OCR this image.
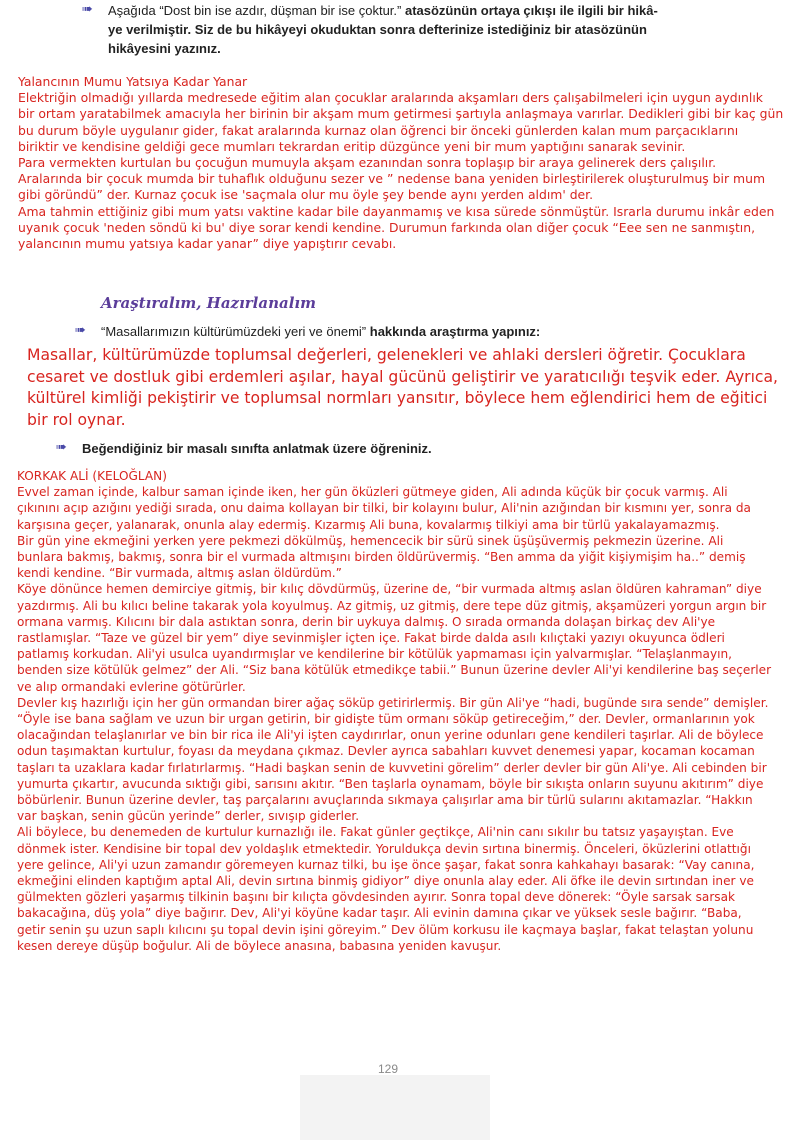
➠ Aşağıda “Dost bin ise azdır, düşman bir ise çoktur.” atasözünün ortaya çıkışı ile ilgili bir hikâ-
ye verilmiştir. Siz de bu hikâyeyi okuduktan sonra defterinize istediğiniz bir atasözünün
hikâyesini yazınız.
Yalancının Mumu Yatsıya Kadar Yanar
Elektriğin olmadığı yıllarda medresede eğitim alan çocuklar aralarında akşamları ders çalışabilmeleri için uygun aydınlık
bir ortam yaratabilmek amacıyla her birinin bir akşam mum getirmesi şartıyla anlaşmaya varırlar. Dedikleri gibi bir kaç gün
bu durum böyle uygulanır gider, fakat aralarında kurnaz olan öğrenci bir önceki günlerden kalan mum parçacıklarını
biriktir ve kendisine geldiği gece mumları tekrardan eritip düzgünce yeni bir mum yaptığını sanarak sevinir.
Para vermekten kurtulan bu çocuğun mumuyla akşam ezanından sonra toplaşıp bir araya gelinerek ders çalışılır.
Aralarında bir çocuk mumda bir tuhaflık olduğunu sezer ve ” nedense bana yeniden birleştirilerek oluşturulmuş bir mum
gibi göründü” der. Kurnaz çocuk ise 'saçmala olur mu öyle şey bende aynı yerden aldım' der.
Ama tahmin ettiğiniz gibi mum yatsı vaktine kadar bile dayanmamış ve kısa sürede sönmüştür. Israrla durumu inkâr eden
uyanık çocuk 'neden söndü ki bu' diye sorar kendi kendine. Durumun farkında olan diğer çocuk “Eee sen ne sanmıştın,
yalancının mumu yatsıya kadar yanar” diye yapıştırır cevabı.
Araştıralım, Hazırlanalım
➠ “Masallarımızın kültürümüzdeki yeri ve önemi” hakkında araştırma yapınız:
Masallar, kültürümüzde toplumsal değerleri, gelenekleri ve ahlaki dersleri öğretir. Çocuklara
cesaret ve dostluk gibi erdemleri aşılar, hayal gücünü geliştirir ve yaratıcılığı teşvik eder. Ayrıca,
kültürel kimliği pekiştirir ve toplumsal normları yansıtır, böylece hem eğlendirici hem de eğitici
bir rol oynar.
➠ Beğendiğiniz bir masalı sınıfta anlatmak üzere öğreniniz.
KORKAK ALİ (KELOĞLAN)
Evvel zaman içinde, kalbur saman içinde iken, her gün öküzleri gütmeye giden, Ali adında küçük bir çocuk varmış. Ali
çıkınını açıp azığını yediği sırada, onu daima kollayan bir tilki, bir kolayını bulur, Ali'nin azığından bir kısmını yer, sonra da
karşısına geçer, yalanarak, onunla alay edermiş. Kızarmış Ali buna, kovalarmış tilkiyi ama bir türlü yakalayamazmış.
Bir gün yine ekmeğini yerken yere pekmezi dökülmüş, hemencecik bir sürü sinek üşüşüvermiş pekmezin üzerine. Ali
bunlara bakmış, bakmış, sonra bir el vurmada altmışını birden öldürüvermiş. “Ben amma da yiğit kişiymişim ha..” demiş
kendi kendine. “Bir vurmada, altmış aslan öldürdüm.”
Köye dönünce hemen demirciye gitmiş, bir kılıç dövdürmüş, üzerine de, “bir vurmada altmış aslan öldüren kahraman” diye
yazdırmış. Ali bu kılıcı beline takarak yola koyulmuş. Az gitmiş, uz gitmiş, dere tepe düz gitmiş, akşamüzeri yorgun argın bir
ormana varmış. Kılıcını bir dala astıktan sonra, derin bir uykuya dalmış. O sırada ormanda dolaşan birkaç dev Ali'ye
rastlamışlar. “Taze ve güzel bir yem” diye sevinmişler içten içe. Fakat birde dalda asılı kılıçtaki yazıyı okuyunca ödleri
patlamış korkudan. Ali'yi usulca uyandırmışlar ve kendilerine bir kötülük yapmaması için yalvarmışlar. “Telaşlanmayın,
benden size kötülük gelmez” der Ali. “Siz bana kötülük etmedikçe tabii.” Bunun üzerine devler Ali'yi kendilerine baş seçerler
ve alıp ormandaki evlerine götürürler.
Devler kış hazırlığı için her gün ormandan birer ağaç söküp getirirlermiş. Bir gün Ali'ye “hadi, bugünde sıra sende” demişler.
“Öyle ise bana sağlam ve uzun bir urgan getirin, bir gidişte tüm ormanı söküp getireceğim,” der. Devler, ormanlarının yok
olacağından telaşlanırlar ve bin bir rica ile Ali'yi işten caydırırlar, onun yerine odunları gene kendileri taşırlar. Ali de böylece
odun taşımaktan kurtulur, foyası da meydana çıkmaz. Devler ayrıca sabahları kuvvet denemesi yapar, kocaman kocaman
taşları ta uzaklara kadar fırlatırlarmış. “Hadi başkan senin de kuvvetini görelim” derler devler bir gün Ali'ye. Ali cebinden bir
yumurta çıkartır, avucunda sıktığı gibi, sarısını akıtır. “Ben taşlarla oynamam, böyle bir sıkışta onların suyunu akıtırım” diye
böbürlenir. Bunun üzerine devler, taş parçalarını avuçlarında sıkmaya çalışırlar ama bir türlü sularını akıtamazlar. “Hakkın
var başkan, senin gücün yerinde” derler, sıvışıp giderler.
Ali böylece, bu denemeden de kurtulur kurnazlığı ile. Fakat günler geçtikçe, Ali'nin canı sıkılır bu tatsız yaşayıştan. Eve
dönmek ister. Kendisine bir topal dev yoldaşlık etmektedir. Yoruldukça devin sırtına binermiş. Önceleri, öküzlerini otlattığı
yere gelince, Ali'yi uzun zamandır göremeyen kurnaz tilki, bu işe önce şaşar, fakat sonra kahkahayı basarak: “Vay canına,
ekmeğini elinden kaptığım aptal Ali, devin sırtına binmiş gidiyor” diye onunla alay eder. Ali öfke ile devin sırtından iner ve
gülmekten gözleri yaşarmış tilkinin başını bir kılıçta gövdesinden ayırır. Sonra topal deve dönerek: “Öyle sarsak sarsak
bakacağına, düş yola” diye bağırır. Dev, Ali'yi köyüne kadar taşır. Ali evinin damına çıkar ve yüksek sesle bağırır. “Baba,
getir senin şu uzun saplı kılıcını şu topal devin işini göreyim.” Dev ölüm korkusu ile kaçmaya başlar, fakat telaştan yolunu
kesen dereye düşüp boğulur. Ali de böylece anasına, babasına yeniden kavuşur.
129
